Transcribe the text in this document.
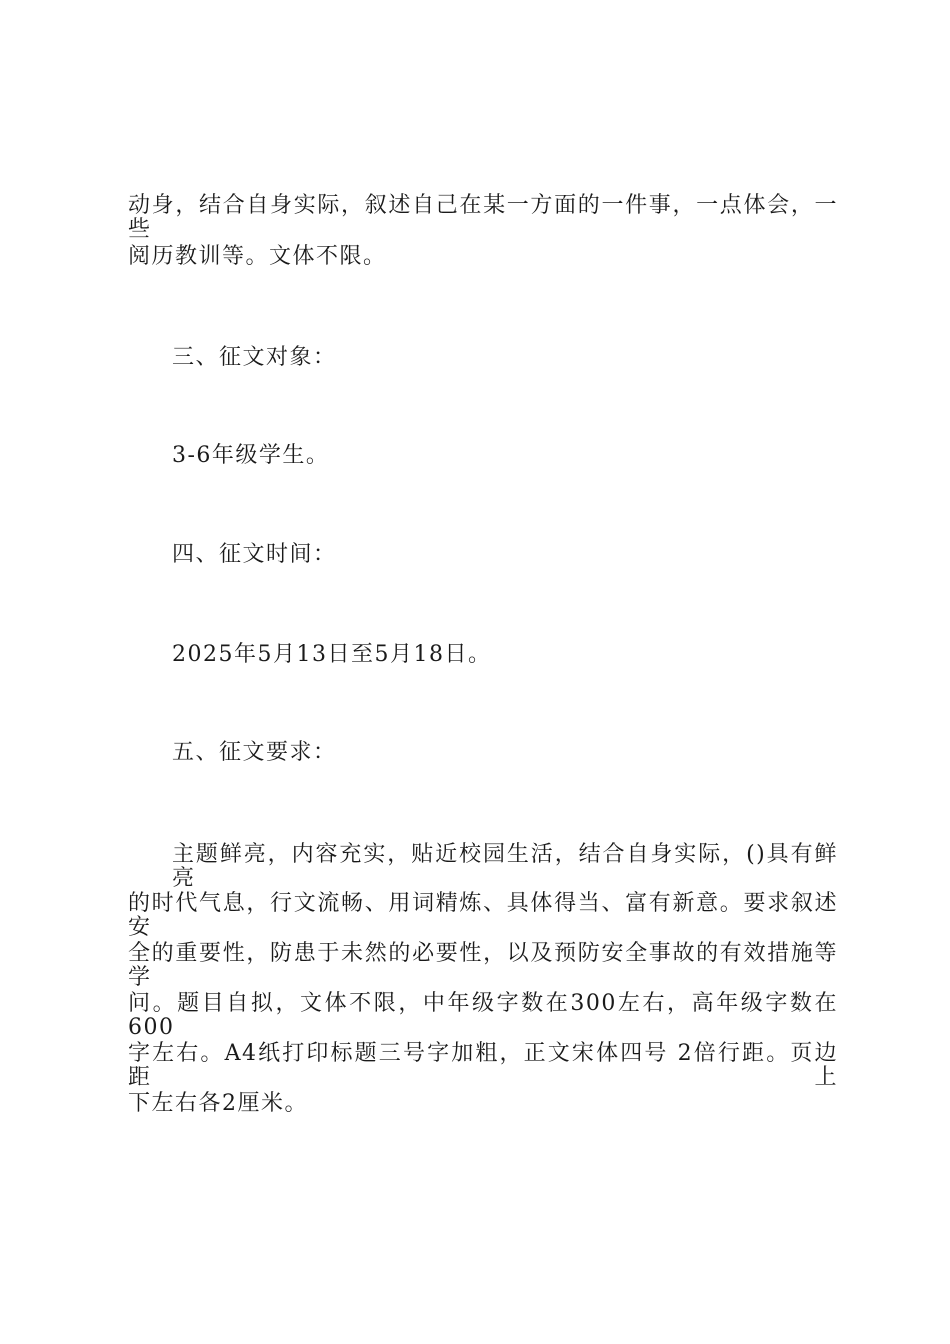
动身，结合自身实际，叙述自己在某一方面的一件事，一点体会，一些
阅历教训等。文体不限。
三、征文对象：
3-6年级学生。
四、征文时间：
2025年5月13日至5月18日。
五、征文要求：
主题鲜亮，内容充实，贴近校园生活，结合自身实际，()具有鲜亮
的时代气息，行文流畅、用词精炼、具体得当、富有新意。要求叙述安
全的重要性，防患于未然的必要性，以及预防安全事故的有效措施等学
问。题目自拟，文体不限，中年级字数在300左右，高年级字数在600
字左右。A4纸打印标题三号字加粗，正文宋体四号 2倍行距。页边距上
下左右各2厘米。
